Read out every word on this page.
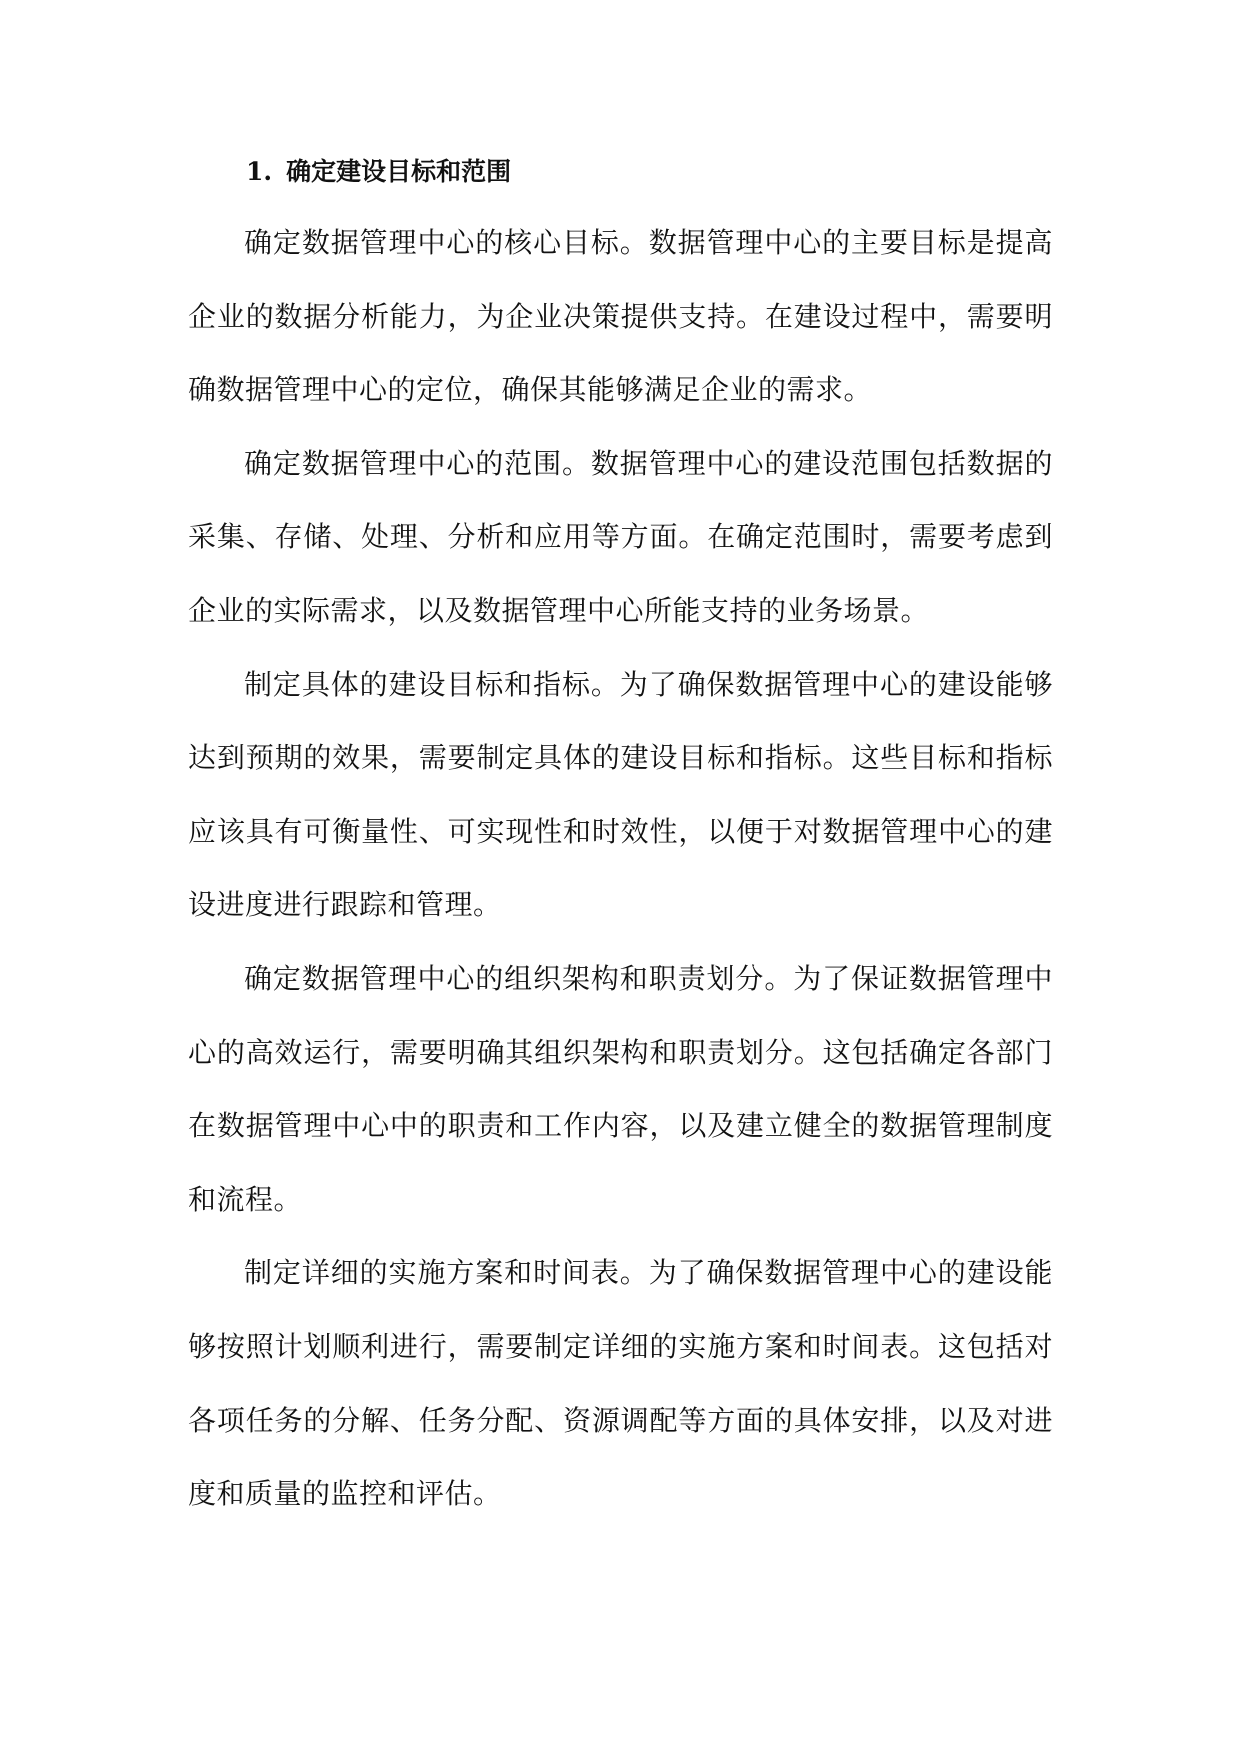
1. 确定建设目标和范围

确定数据管理中心的核心目标。数据管理中心的主要目标是提高企业的数据分析能力，为企业决策提供支持。在建设过程中，需要明确数据管理中心的定位，确保其能够满足企业的需求。

确定数据管理中心的范围。数据管理中心的建设范围包括数据的采集、存储、处理、分析和应用等方面。在确定范围时，需要考虑到企业的实际需求，以及数据管理中心所能支持的业务场景。

制定具体的建设目标和指标。为了确保数据管理中心的建设能够达到预期的效果，需要制定具体的建设目标和指标。这些目标和指标应该具有可衡量性、可实现性和时效性，以便于对数据管理中心的建设进度进行跟踪和管理。

确定数据管理中心的组织架构和职责划分。为了保证数据管理中心的高效运行，需要明确其组织架构和职责划分。这包括确定各部门在数据管理中心中的职责和工作内容，以及建立健全的数据管理制度和流程。

制定详细的实施方案和时间表。为了确保数据管理中心的建设能够按照计划顺利进行，需要制定详细的实施方案和时间表。这包括对各项任务的分解、任务分配、资源调配等方面的具体安排，以及对进度和质量的监控和评估。
